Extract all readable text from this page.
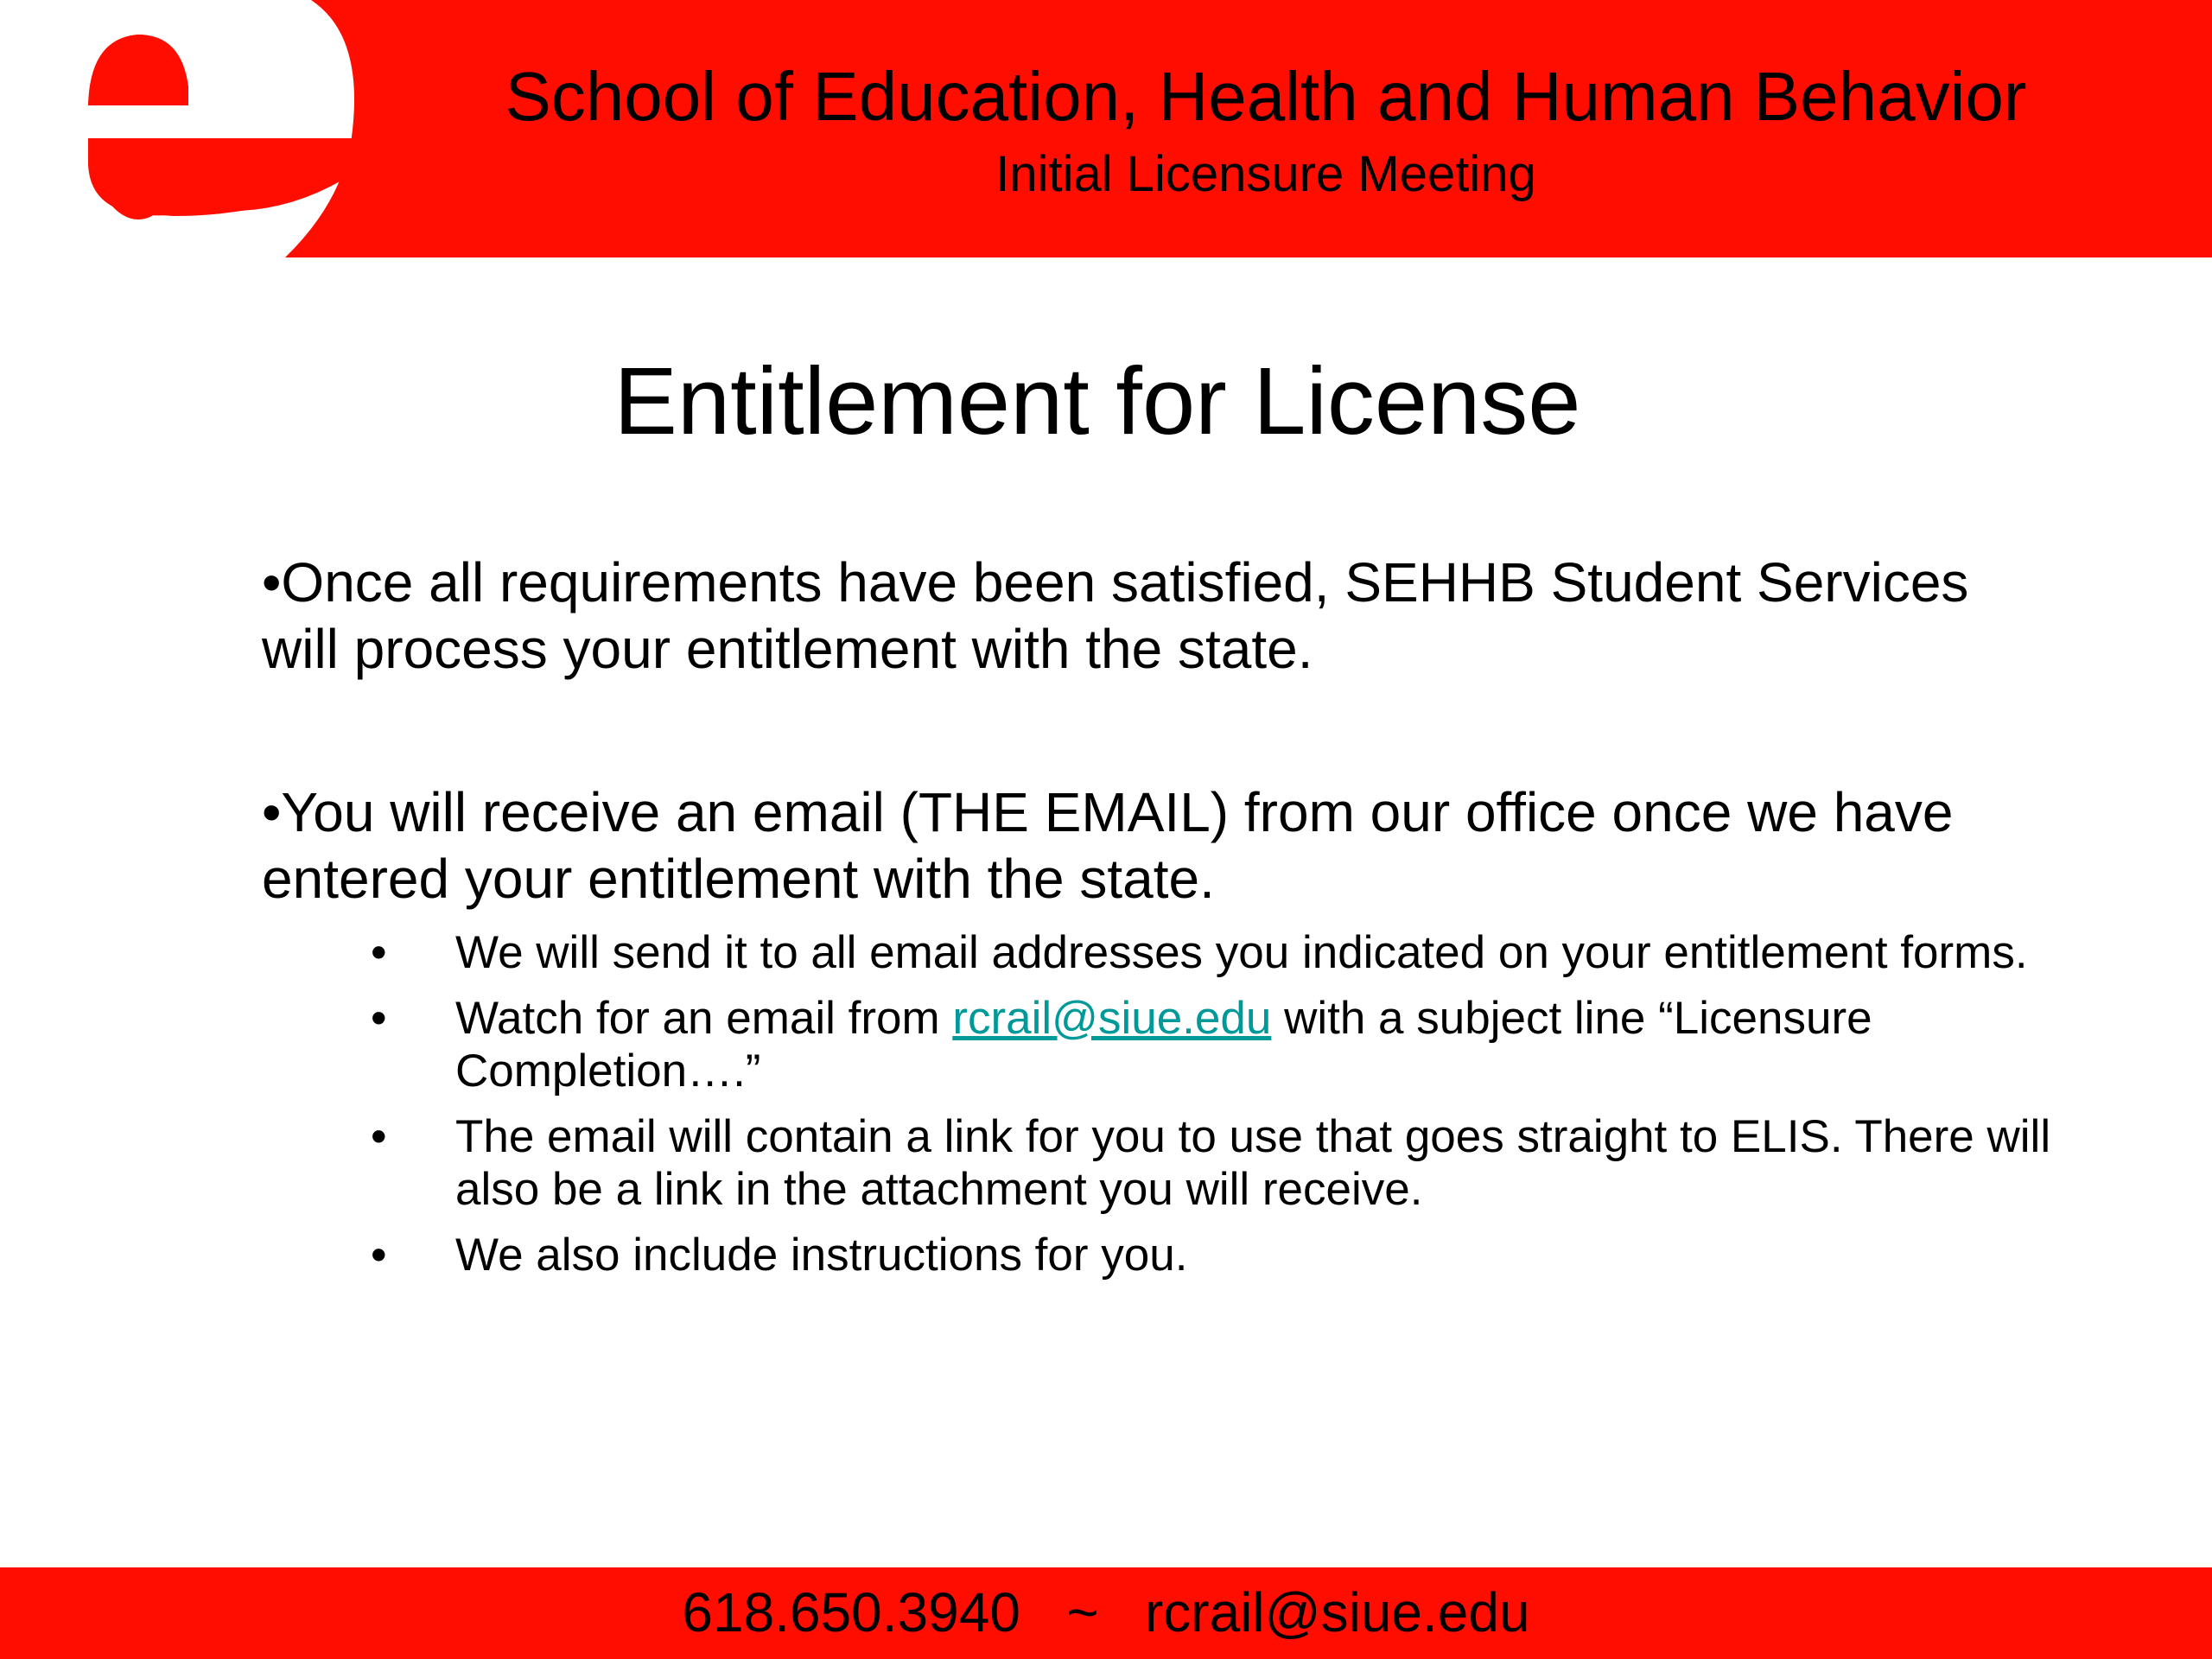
School of Education, Health and Human Behavior
Initial Licensure Meeting
Entitlement for License

•Once all requirements have been satisfied, SEHHB Student Services will process your entitlement with the state.

•You will receive an email (THE EMAIL) from our office once we have entered your entitlement with the state.

• We will send it to all email addresses you indicated on your entitlement forms.
• Watch for an email from rcrail@siue.edu with a subject line “Licensure Completion….”
• The email will contain a link for you to use that goes straight to ELIS. There will also be a link in the attachment you will receive.
• We also include instructions for you.
618.650.3940   ~   rcrail@siue.edu
